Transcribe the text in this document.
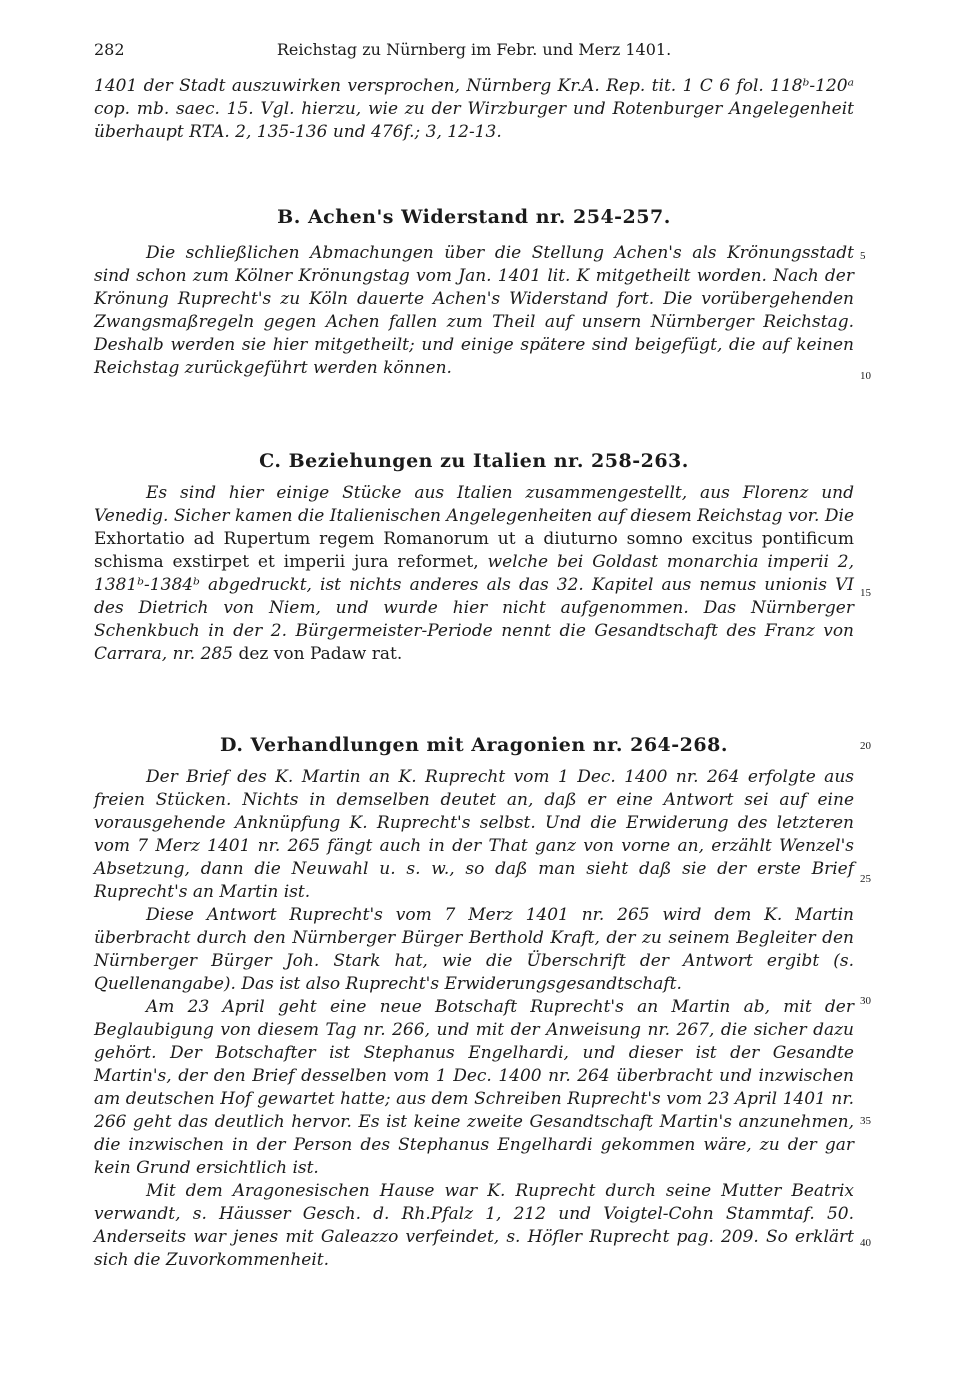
282	Reichstag zu Nürnberg im Febr. und Merz 1401.

1401 der Stadt auszuwirken versprochen, Nürnberg Kr.A. Rep. tit. 1 C 6 fol. 118ᵇ-120ᵃ cop. mb. saec. 15. Vgl. hierzu, wie zu der Wirzburger und Rotenburger Angelegenheit überhaupt RTA. 2, 135-136 und 476f.; 3, 12-13.

B. Achen's Widerstand nr. 254-257.

Die schließlichen Abmachungen über die Stellung Achen's als Krönungsstadt sind schon zum Kölner Krönungstag vom Jan. 1401 lit. K mitgetheilt worden. Nach der Krönung Ruprecht's zu Köln dauerte Achen's Widerstand fort. Die vorübergehenden Zwangsmaßregeln gegen Achen fallen zum Theil auf unsern Nürnberger Reichstag. Deshalb werden sie hier mitgetheilt; und einige spätere sind beigefügt, die auf keinen Reichstag zurückgeführt werden können.

C. Beziehungen zu Italien nr. 258-263.

Es sind hier einige Stücke aus Italien zusammengestellt, aus Florenz und Venedig. Sicher kamen die Italienischen Angelegenheiten auf diesem Reichstag vor. Die Exhortatio ad Rupertum regem Romanorum ut a diuturno somno excitus pontificum schisma exstirpet et imperii jura reformet, welche bei Goldast monarchia imperii 2, 1381ᵇ-1384ᵇ abgedruckt, ist nichts anderes als das 32. Kapitel aus nemus unionis VI des Dietrich von Niem, und wurde hier nicht aufgenommen. Das Nürnberger Schenkbuch in der 2. Bürgermeister-Periode nennt die Gesandtschaft des Franz von Carrara, nr. 285 dez von Padaw rat.

D. Verhandlungen mit Aragonien nr. 264-268.

Der Brief des K. Martin an K. Ruprecht vom 1 Dec. 1400 nr. 264 erfolgte aus freien Stücken. Nichts in demselben deutet an, daß er eine Antwort sei auf eine vorausgehende Anknüpfung K. Ruprecht's selbst. Und die Erwiderung des letzteren vom 7 Merz 1401 nr. 265 fängt auch in der That ganz von vorne an, erzählt Wenzel's Absetzung, dann die Neuwahl u. s. w., so daß man sieht daß sie der erste Brief Ruprecht's an Martin ist.

Diese Antwort Ruprecht's vom 7 Merz 1401 nr. 265 wird dem K. Martin überbracht durch den Nürnberger Bürger Berthold Kraft, der zu seinem Begleiter den Nürnberger Bürger Joh. Stark hat, wie die Überschrift der Antwort ergibt (s. Quellenangabe). Das ist also Ruprecht's Erwiderungsgesandtschaft.

Am 23 April geht eine neue Botschaft Ruprecht's an Martin ab, mit der Beglaubigung von diesem Tag nr. 266, und mit der Anweisung nr. 267, die sicher dazu gehört. Der Botschafter ist Stephanus Engelhardi, und dieser ist der Gesandte Martin's, der den Brief desselben vom 1 Dec. 1400 nr. 264 überbracht und inzwischen am deutschen Hof gewartet hatte; aus dem Schreiben Ruprecht's vom 23 April 1401 nr. 266 geht das deutlich hervor. Es ist keine zweite Gesandtschaft Martin's anzunehmen, die inzwischen in der Person des Stephanus Engelhardi gekommen wäre, zu der gar kein Grund ersichtlich ist.

Mit dem Aragonesischen Hause war K. Ruprecht durch seine Mutter Beatrix verwandt, s. Häusser Gesch. d. Rh.Pfalz 1, 212 und Voigtel-Cohn Stammtaf. 50. Anderseits war jenes mit Galeazzo verfeindet, s. Höfler Ruprecht pag. 209. So erklärt sich die Zuvorkommenheit.

5
10
15
20
25
30
35
40
